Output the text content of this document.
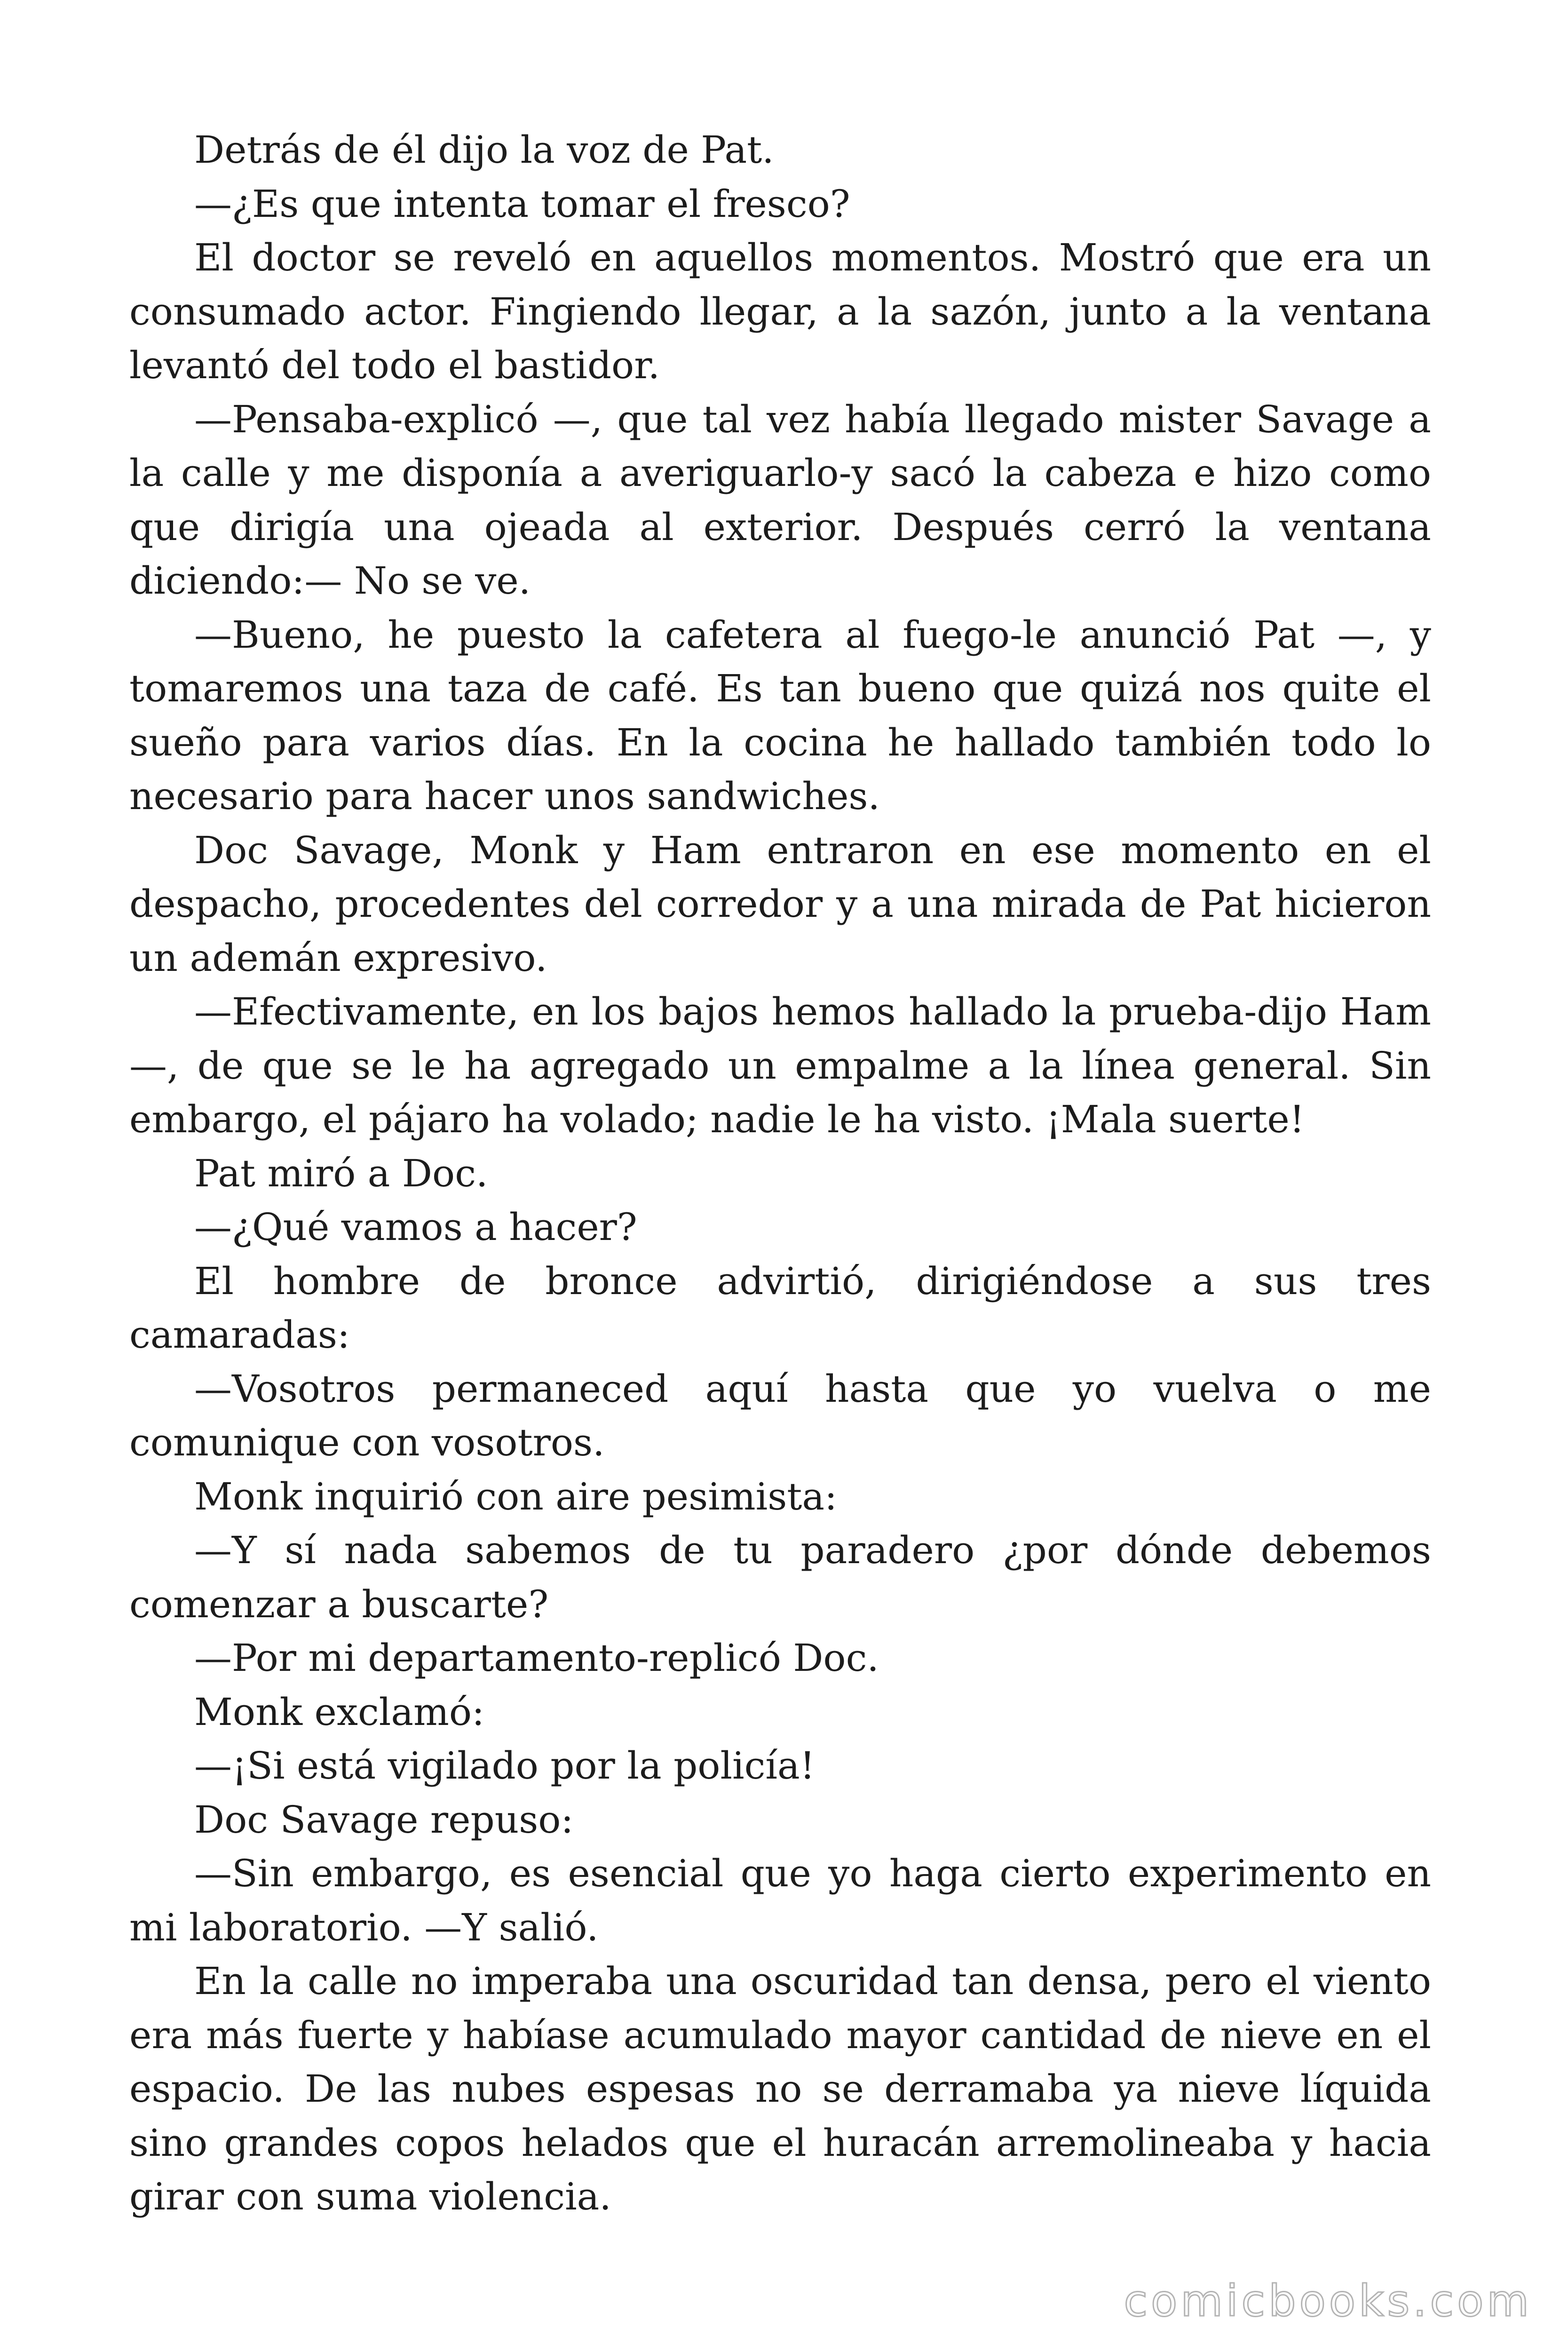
Detrás de él dijo la voz de Pat.

—¿Es que intenta tomar el fresco?

El doctor se reveló en aquellos momentos. Mostró que era un consumado actor. Fingiendo llegar, a la sazón, junto a la ventana levantó del todo el bastidor.

—Pensaba-explicó —, que tal vez había llegado mister Savage a la calle y me disponía a averiguarlo-y sacó la cabeza e hizo como que dirigía una ojeada al exterior. Después cerró la ventana diciendo:— No se ve.

—Bueno, he puesto la cafetera al fuego-le anunció Pat —, y tomaremos una taza de café. Es tan bueno que quizá nos quite el sueño para varios días. En la cocina he hallado también todo lo necesario para hacer unos sandwiches.

Doc Savage, Monk y Ham entraron en ese momento en el despacho, procedentes del corredor y a una mirada de Pat hicieron un ademán expresivo.

—Efectivamente, en los bajos hemos hallado la prueba-dijo Ham —, de que se le ha agregado un empalme a la línea general. Sin embargo, el pájaro ha volado; nadie le ha visto. ¡Mala suerte!

Pat miró a Doc.

—¿Qué vamos a hacer?

El hombre de bronce advirtió, dirigiéndose a sus tres camaradas:

—Vosotros permaneced aquí hasta que yo vuelva o me comunique con vosotros.

Monk inquirió con aire pesimista:

—Y sí nada sabemos de tu paradero ¿por dónde debemos comenzar a buscarte?

—Por mi departamento-replicó Doc.

Monk exclamó:

—¡Si está vigilado por la policía!

Doc Savage repuso:

—Sin embargo, es esencial que yo haga cierto experimento en mi laboratorio. —Y salió.

En la calle no imperaba una oscuridad tan densa, pero el viento era más fuerte y habíase acumulado mayor cantidad de nieve en el espacio. De las nubes espesas no se derramaba ya nieve líquida sino grandes copos helados que el huracán arremolineaba y hacia girar con suma violencia.

comicbooks.com
